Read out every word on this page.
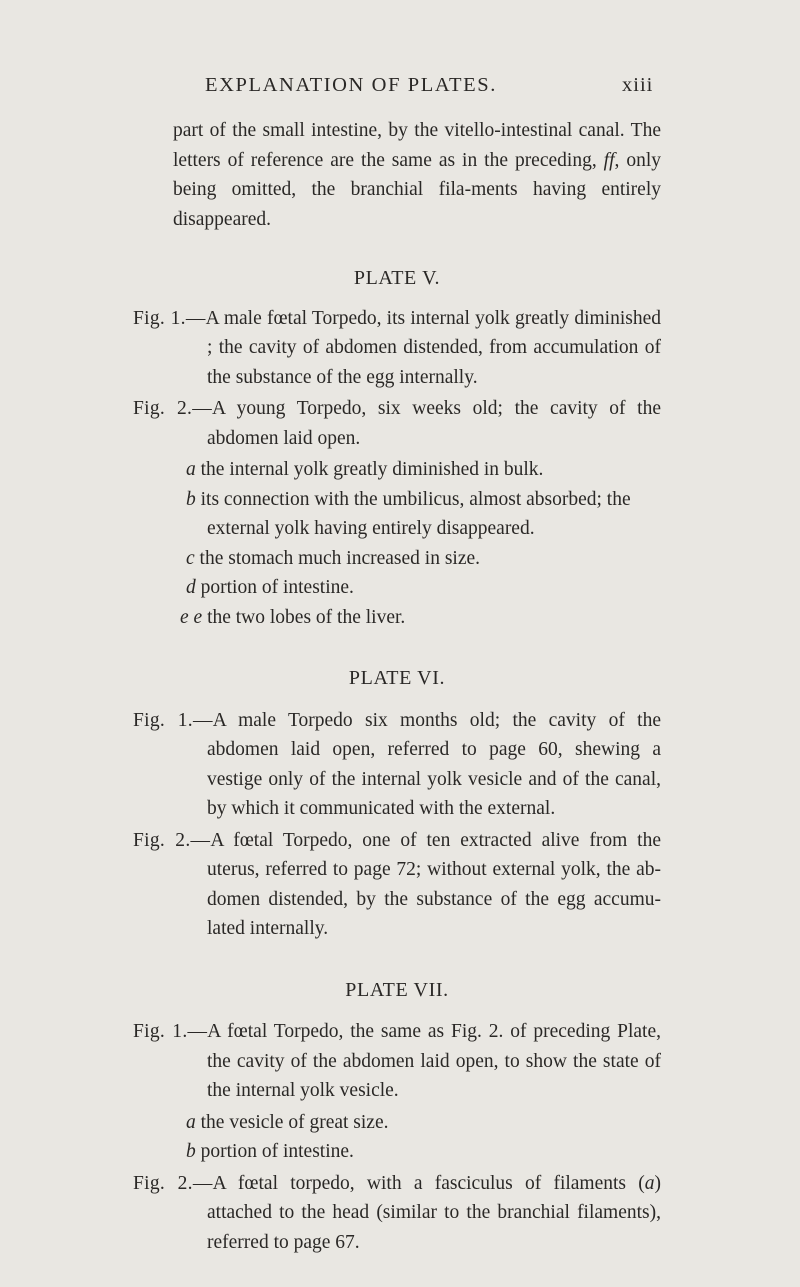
EXPLANATION OF PLATES.	xiii

part of the small intestine, by the vitello-intestinal canal. The letters of reference are the same as in the preceding, ff, only being omitted, the branchial fila-ments having entirely disappeared.

PLATE V.

Fig. 1.—A male fœtal Torpedo, its internal yolk greatly diminished ; the cavity of abdomen distended, from accumulation of the substance of the egg internally.

Fig. 2.—A young Torpedo, six weeks old; the cavity of the abdomen laid open.

a the internal yolk greatly diminished in bulk.

b its connection with the umbilicus, almost absorbed; the external yolk having entirely disappeared.

c the stomach much increased in size.

d portion of intestine.

e e the two lobes of the liver.

PLATE VI.

Fig. 1.—A male Torpedo six months old; the cavity of the abdomen laid open, referred to page 60, shewing a vestige only of the internal yolk vesicle and of the canal, by which it communicated with the external.

Fig. 2.—A fœtal Torpedo, one of ten extracted alive from the uterus, referred to page 72; without external yolk, the ab-domen distended, by the substance of the egg accumu-lated internally.

PLATE VII.

Fig. 1.—A fœtal Torpedo, the same as Fig. 2. of preceding Plate, the cavity of the abdomen laid open, to show the state of the internal yolk vesicle.

a the vesicle of great size.

b portion of intestine.

Fig. 2.—A fœtal torpedo, with a fasciculus of filaments (a) attached to the head (similar to the branchial filaments), referred to page 67.
